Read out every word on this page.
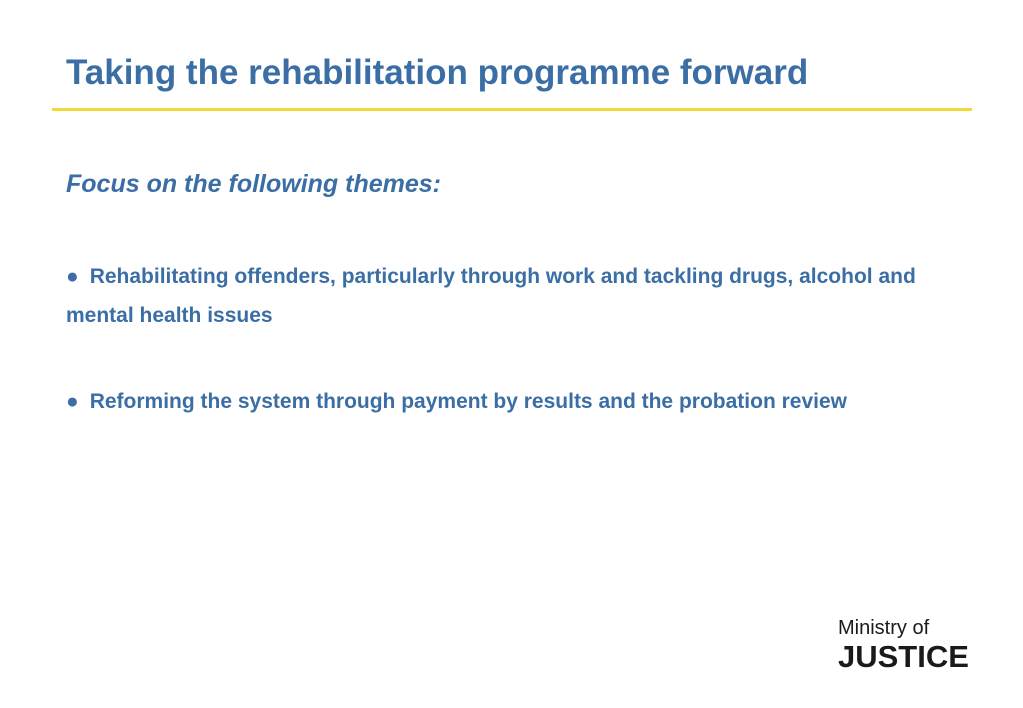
Taking the rehabilitation programme forward
Focus on the following themes:

● Rehabilitating offenders, particularly through work and tackling drugs, alcohol and mental health issues

● Reforming the system through payment by results and the probation review

Ministry of
JUSTICE
